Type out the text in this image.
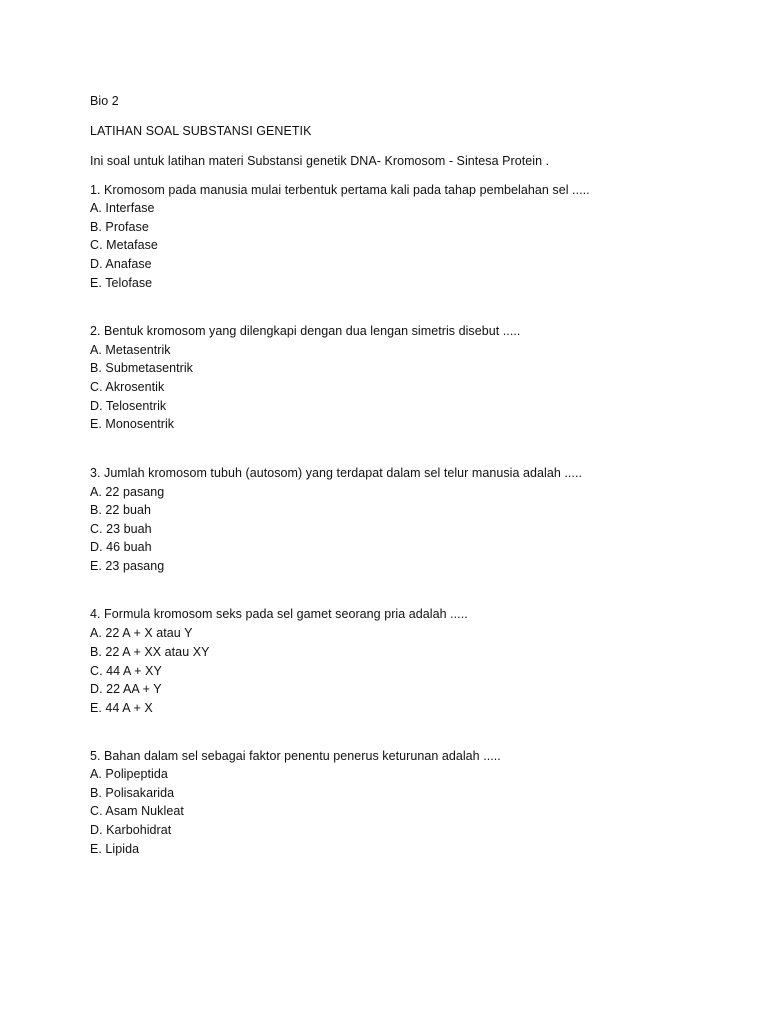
Bio 2
LATIHAN SOAL SUBSTANSI GENETIK
Ini soal untuk latihan materi Substansi genetik DNA- Kromosom - Sintesa Protein .
1. Kromosom pada manusia mulai terbentuk pertama kali pada tahap pembelahan sel .....
A. Interfase
B. Profase
C. Metafase
D. Anafase
E. Telofase
2. Bentuk kromosom yang dilengkapi dengan dua lengan simetris disebut .....
A. Metasentrik
B. Submetasentrik
C. Akrosentik
D. Telosentrik
E. Monosentrik
3. Jumlah kromosom tubuh (autosom) yang terdapat dalam sel telur manusia adalah .....
A. 22 pasang
B. 22 buah
C. 23 buah
D. 46 buah
E. 23 pasang
4. Formula kromosom seks pada sel gamet seorang pria adalah .....
A. 22 A + X atau Y
B. 22 A + XX atau XY
C. 44 A + XY
D. 22 AA + Y
E. 44 A + X
5. Bahan dalam sel sebagai faktor penentu penerus keturunan adalah .....
A. Polipeptida
B. Polisakarida
C. Asam Nukleat
D. Karbohidrat
E. Lipida
